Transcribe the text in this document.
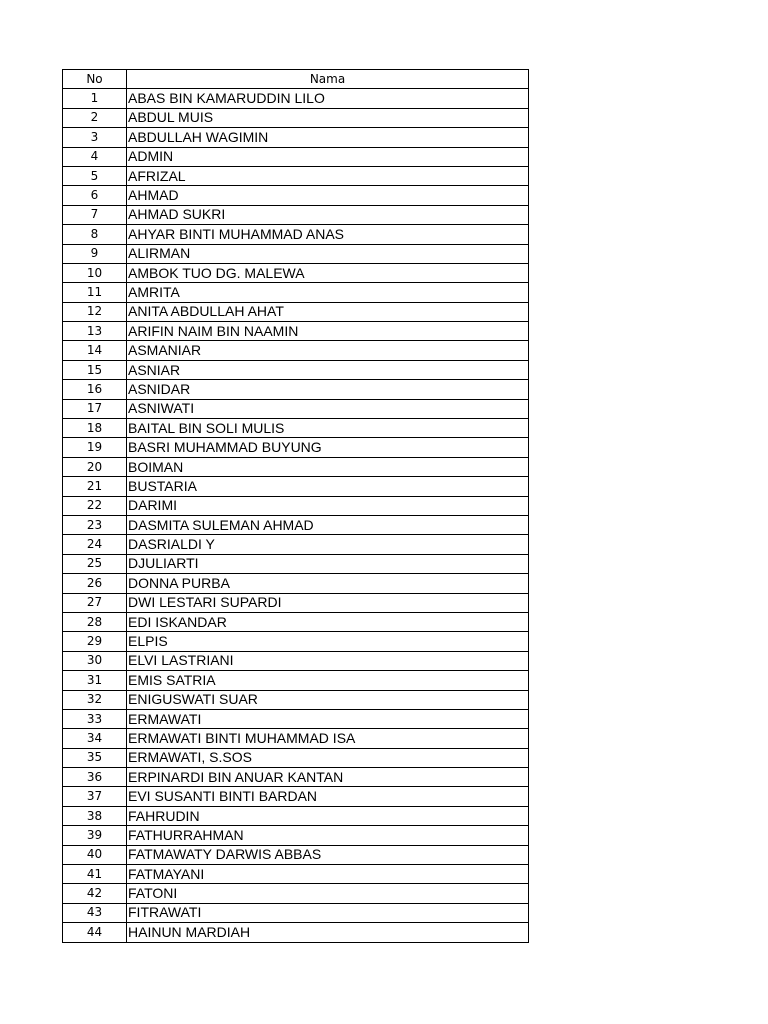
No	Nama
1	ABAS BIN KAMARUDDIN LILO
2	ABDUL MUIS
3	ABDULLAH WAGIMIN
4	ADMIN
5	AFRIZAL
6	AHMAD
7	AHMAD SUKRI
8	AHYAR BINTI MUHAMMAD ANAS
9	ALIRMAN
10	AMBOK TUO DG. MALEWA
11	AMRITA
12	ANITA ABDULLAH AHAT
13	ARIFIN NAIM BIN NAAMIN
14	ASMANIAR
15	ASNIAR
16	ASNIDAR
17	ASNIWATI
18	BAITAL BIN SOLI MULIS
19	BASRI MUHAMMAD BUYUNG
20	BOIMAN
21	BUSTARIA
22	DARIMI
23	DASMITA SULEMAN AHMAD
24	DASRIALDI Y
25	DJULIARTI
26	DONNA PURBA
27	DWI LESTARI SUPARDI
28	EDI ISKANDAR
29	ELPIS
30	ELVI LASTRIANI
31	EMIS SATRIA
32	ENIGUSWATI SUAR
33	ERMAWATI
34	ERMAWATI BINTI MUHAMMAD ISA
35	ERMAWATI, S.SOS
36	ERPINARDI BIN ANUAR KANTAN
37	EVI SUSANTI BINTI BARDAN
38	FAHRUDIN
39	FATHURRAHMAN
40	FATMAWATY DARWIS ABBAS
41	FATMAYANI
42	FATONI
43	FITRAWATI
44	HAINUN MARDIAH
